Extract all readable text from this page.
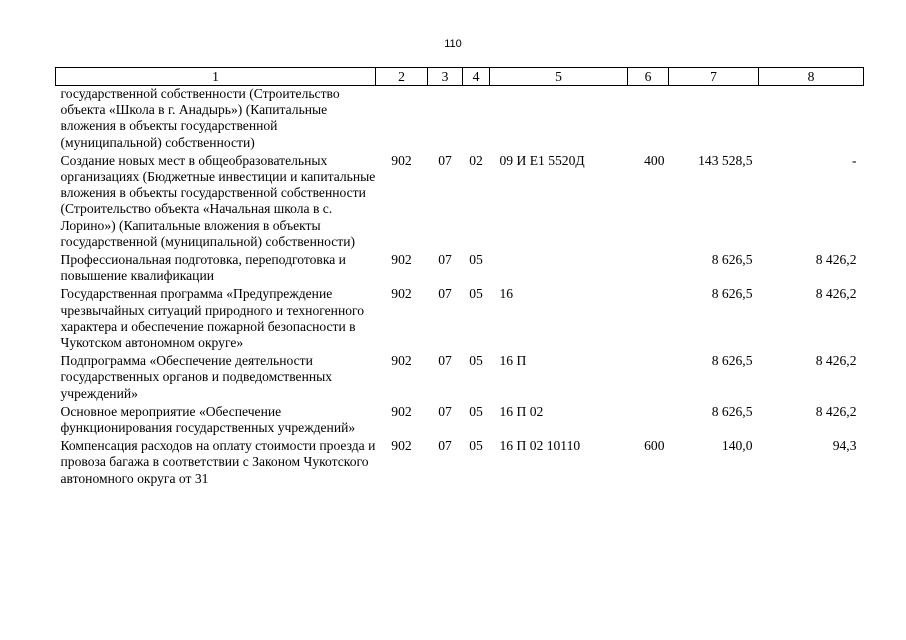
110
1	2	3	4	5	6	7	8
государственной собственности (Строительство объекта «Школа в г. Анадырь») (Капитальные вложения в объекты государственной (муниципальной) собственности)							
Создание новых мест в общеобразовательных организациях (Бюджетные инвестиции и капитальные вложения в объекты государственной собственности (Строительство объекта «Начальная школа в с. Лорино») (Капитальные вложения в объекты государственной (муниципальной) собственности)	902	07	02	09 И Е1 5520Д	400	143 528,5	-
Профессиональная подготовка, переподготовка и повышение квалификации	902	07	05			8 626,5	8 426,2
Государственная программа «Предупреждение чрезвычайных ситуаций природного и техногенного характера и обеспечение пожарной безопасности в Чукотском автономном округе»	902	07	05	16		8 626,5	8 426,2
Подпрограмма «Обеспечение деятельности государственных органов и подведомственных учреждений»	902	07	05	16 П		8 626,5	8 426,2
Основное мероприятие «Обеспечение функционирования государственных учреждений»	902	07	05	16 П 02		8 626,5	8 426,2
Компенсация расходов на оплату стоимости проезда и провоза багажа в соответствии с Законом Чукотского автономного округа от 31	902	07	05	16 П 02 10110	600	140,0	94,3
